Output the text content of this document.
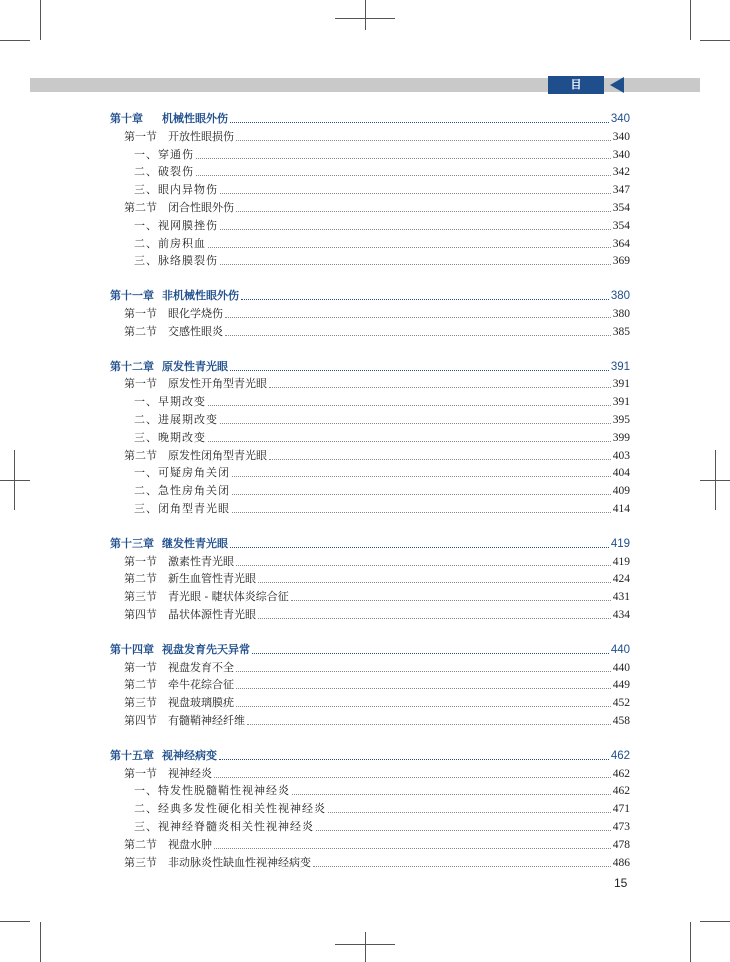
目 录
第十章 机械性眼外伤	340
第一节 开放性眼损伤	340
一、穿通伤	340
二、破裂伤	342
三、眼内异物伤	347
第二节 闭合性眼外伤	354
一、视网膜挫伤	354
二、前房积血	364
三、脉络膜裂伤	369
第十一章 非机械性眼外伤	380
第一节 眼化学烧伤	380
第二节 交感性眼炎	385
第十二章 原发性青光眼	391
第一节 原发性开角型青光眼	391
一、早期改变	391
二、进展期改变	395
三、晚期改变	399
第二节 原发性闭角型青光眼	403
一、可疑房角关闭	404
二、急性房角关闭	409
三、闭角型青光眼	414
第十三章 继发性青光眼	419
第一节 激素性青光眼	419
第二节 新生血管性青光眼	424
第三节 青光眼 - 睫状体炎综合征	431
第四节 晶状体源性青光眼	434
第十四章 视盘发育先天异常	440
第一节 视盘发育不全	440
第二节 牵牛花综合征	449
第三节 视盘玻璃膜疣	452
第四节 有髓鞘神经纤维	458
第十五章 视神经病变	462
第一节 视神经炎	462
一、特发性脱髓鞘性视神经炎	462
二、经典多发性硬化相关性视神经炎	471
三、视神经脊髓炎相关性视神经炎	473
第二节 视盘水肿	478
第三节 非动脉炎性缺血性视神经病变	486
15
